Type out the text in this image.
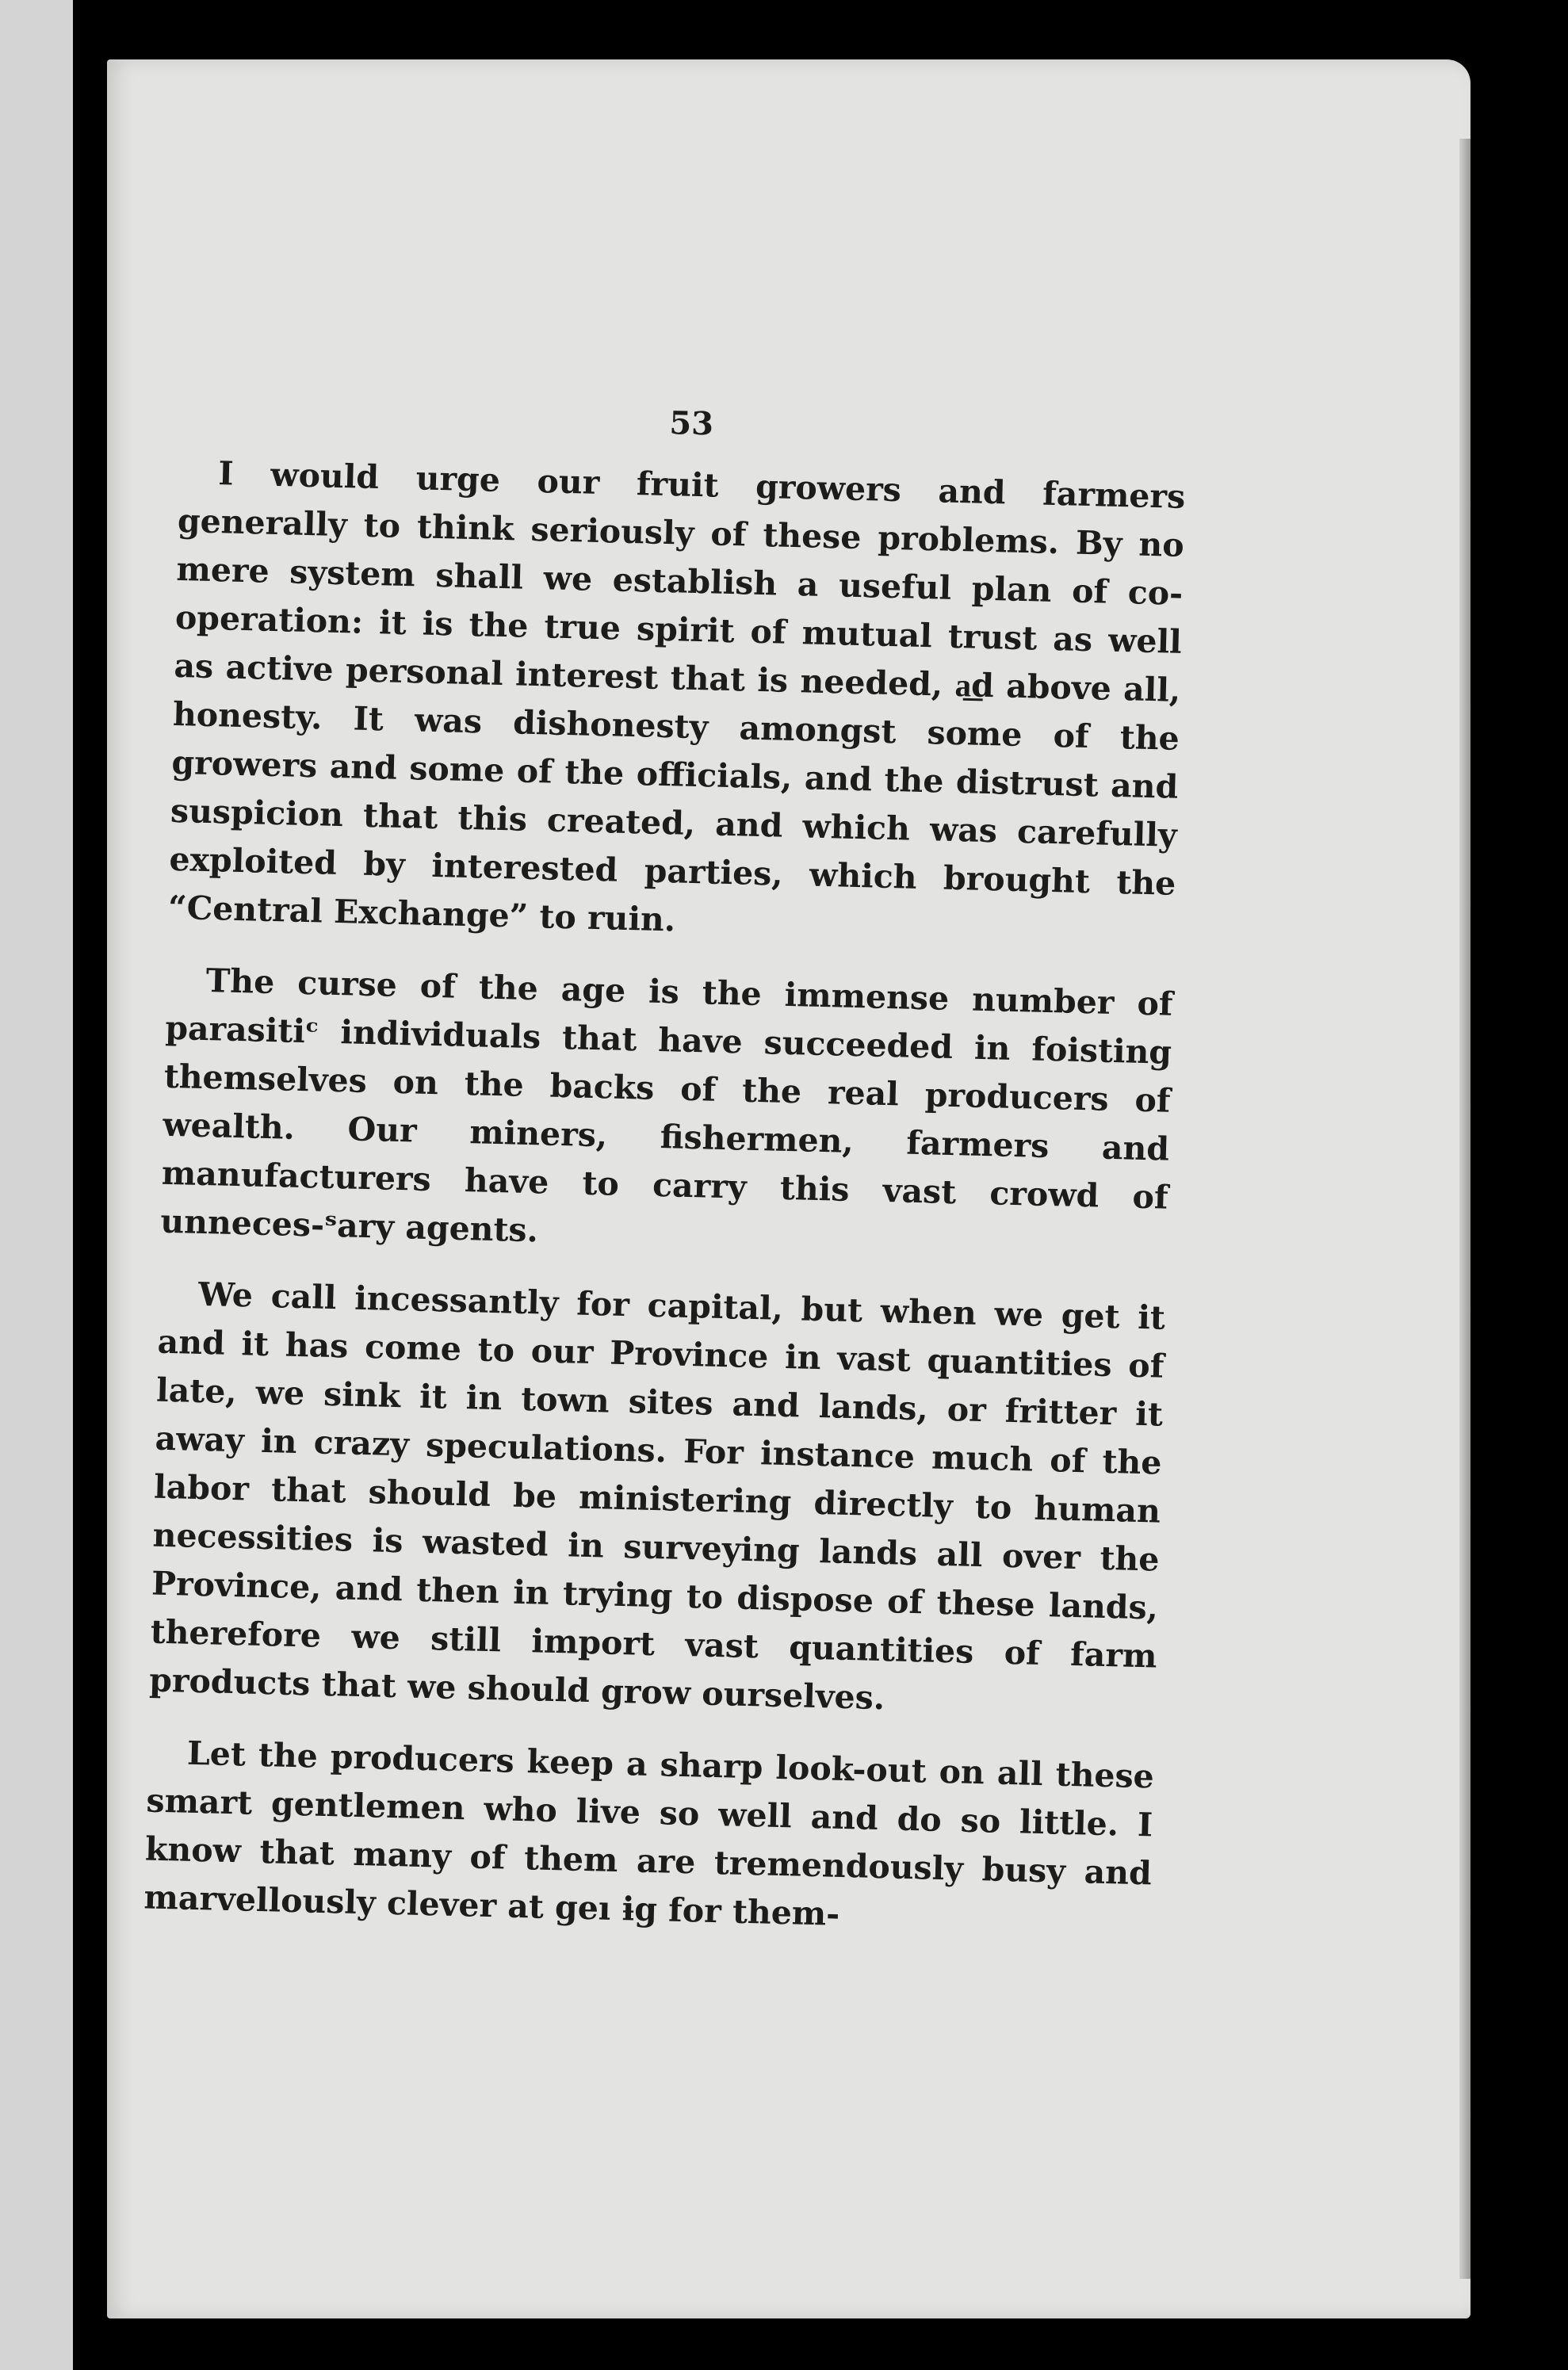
53

I would urge our fruit growers and farmers generally to think seriously of these problems. By no mere system shall we establish a useful plan of co-operation: it is the true spirit of mutual trust as well as active personal interest that is needed, a͟d above all, honesty. It was dishonesty amongst some of the growers and some of the officials, and the distrust and suspicion that this created, and which was carefully exploited by interested parties, which brought the “Central Exchange” to ruin.

The curse of the age is the immense number of parasitiᶜ individuals that have succeeded in foisting themselves on the backs of the real producers of wealth. Our miners, fishermen, farmers and manufacturers have to carry this vast crowd of unneces-ˢary agents.

We call incessantly for capital, but when we get it and it has come to our Province in vast quantities of late, we sink it in town sites and lands, or fritter it away in crazy speculations. For instance much of the labor that should be ministering directly to human necessities is wasted in surveying lands all over the Province, and then in trying to dispose of these lands, therefore we still import vast quantities of farm products that we should grow ourselves.

Let the producers keep a sharp look-out on all these smart gentlemen who live so well and do so little. I know that many of them are tremendously busy and marvellously clever at geı ɨg for them-
